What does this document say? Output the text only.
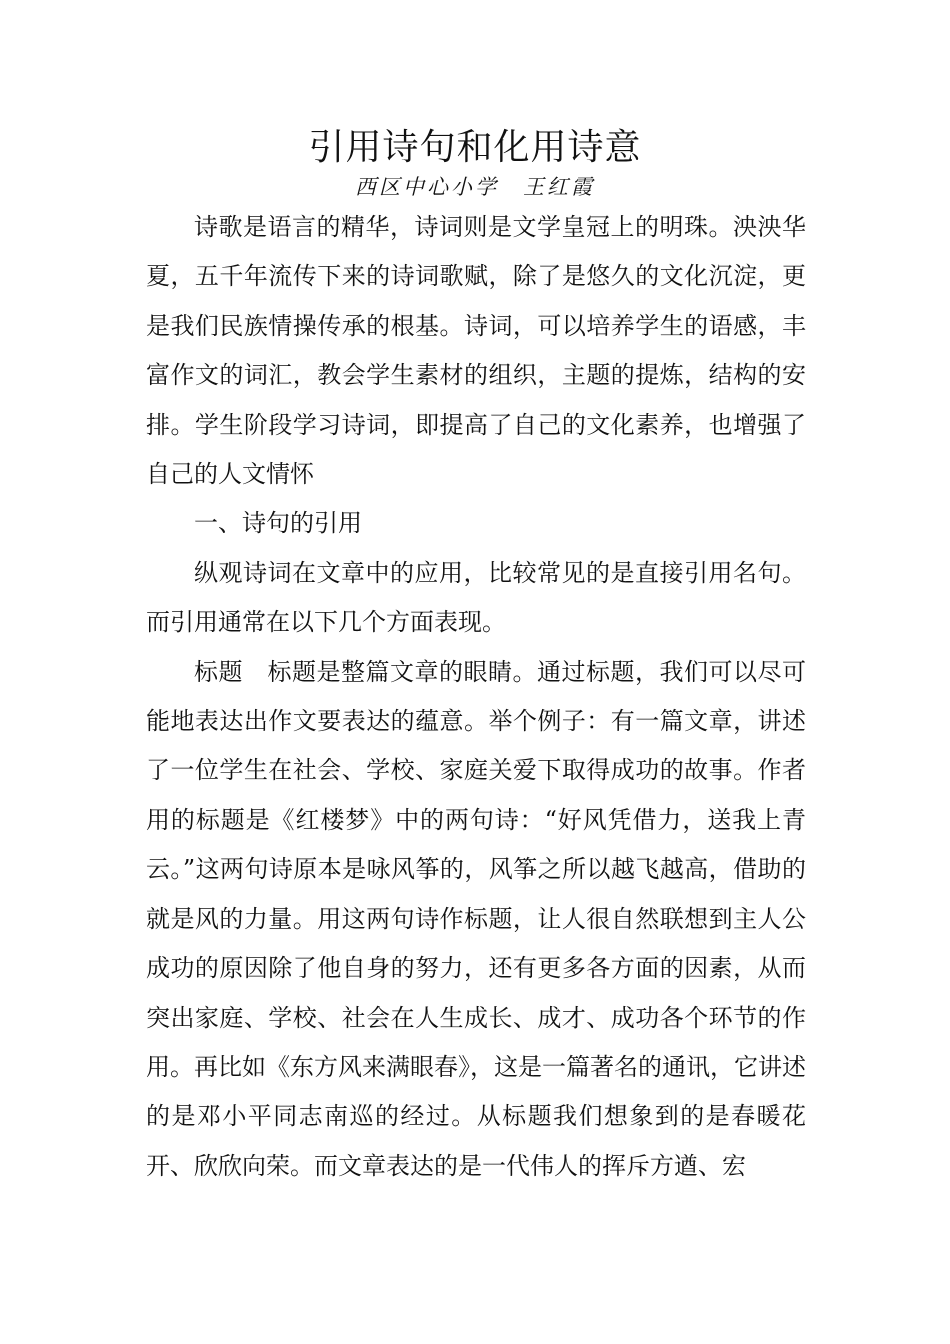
引用诗句和化用诗意
西区中心小学　王红霞

诗歌是语言的精华，诗词则是文学皇冠上的明珠。泱泱华夏，五千年流传下来的诗词歌赋，除了是悠久的文化沉淀，更是我们民族情操传承的根基。诗词，可以培养学生的语感，丰富作文的词汇，教会学生素材的组织，主题的提炼，结构的安排。学生阶段学习诗词，即提高了自己的文化素养，也增强了自己的人文情怀

一、诗句的引用

纵观诗词在文章中的应用，比较常见的是直接引用名句。而引用通常在以下几个方面表现。

标题　标题是整篇文章的眼睛。通过标题，我们可以尽可能地表达出作文要表达的蕴意。举个例子：有一篇文章，讲述了一位学生在社会、学校、家庭关爱下取得成功的故事。作者用的标题是《红楼梦》中的两句诗：“好风凭借力，送我上青云。”这两句诗原本是咏风筝的，风筝之所以越飞越高，借助的就是风的力量。用这两句诗作标题，让人很自然联想到主人公成功的原因除了他自身的努力，还有更多各方面的因素，从而突出家庭、学校、社会在人生成长、成才、成功各个环节的作用。再比如《东方风来满眼春》，这是一篇著名的通讯，它讲述的是邓小平同志南巡的经过。从标题我们想象到的是春暖花开、欣欣向荣。而文章表达的是一代伟人的挥斥方遒、宏
